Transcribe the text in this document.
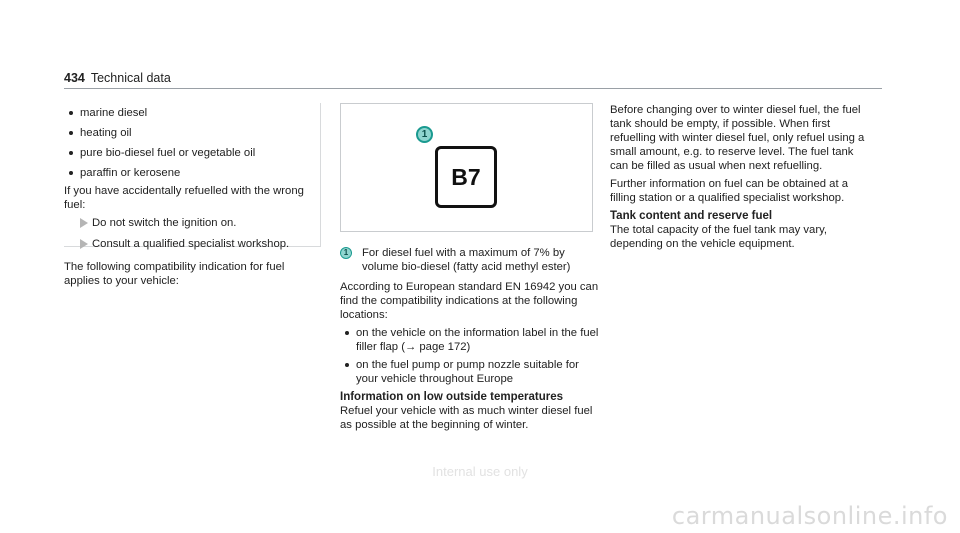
434 Technical data
marine diesel
heating oil
pure bio-diesel fuel or vegetable oil
paraffin or kerosene
If you have accidentally refuelled with the wrong fuel:
Do not switch the ignition on.
Consult a qualified specialist workshop.
The following compatibility indication for fuel applies to your vehicle:
1
B7
1	For diesel fuel with a maximum of 7% by volume bio-diesel (fatty acid methyl ester)
According to European standard EN 16942 you can find the compatibility indications at the following locations:
on the vehicle on the information label in the fuel filler flap (→ page 172)
on the fuel pump or pump nozzle suitable for your vehicle throughout Europe
Information on low outside temperatures
Refuel your vehicle with as much winter diesel fuel as possible at the beginning of winter.
Before changing over to winter diesel fuel, the fuel tank should be empty, if possible. When first refuelling with winter diesel fuel, only refuel using a small amount, e.g. to reserve level. The fuel tank can be filled as usual when next refuelling.
Further information on fuel can be obtained at a filling station or a qualified specialist workshop.
Tank content and reserve fuel
The total capacity of the fuel tank may vary, depending on the vehicle equipment.
Internal use only
carmanualsonline.info
